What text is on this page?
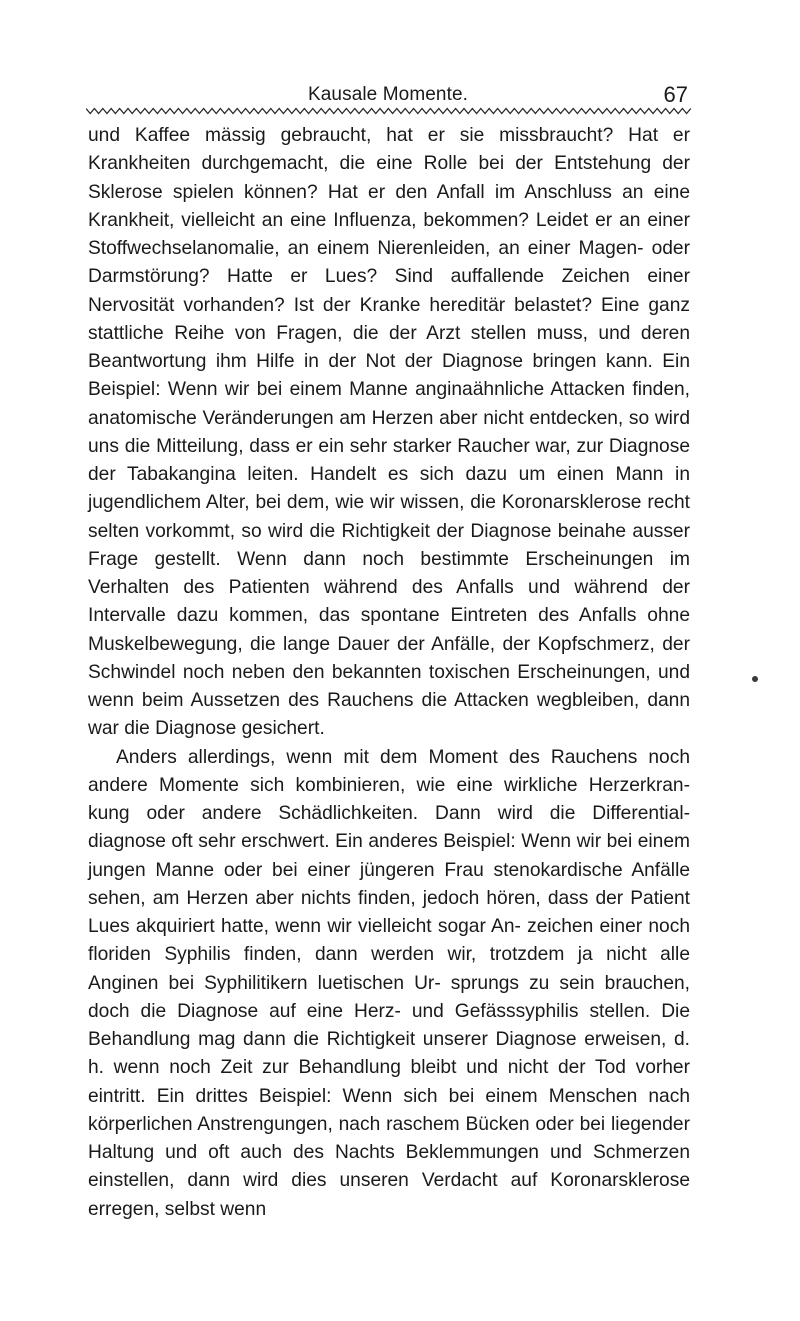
Kausale Momente.	67

und Kaffee mässig gebraucht, hat er sie missbraucht? Hat er Krankheiten durchgemacht, die eine Rolle bei der Entstehung der Sklerose spielen können? Hat er den Anfall im Anschluss an eine Krankheit, vielleicht an eine Influenza, bekommen? Leidet er an einer Stoffwechselanomalie, an einem Nierenleiden, an einer Magen- oder Darmstörung? Hatte er Lues? Sind auffallende Zeichen einer Nervosität vorhanden? Ist der Kranke hereditär belastet? Eine ganz stattliche Reihe von Fragen, die der Arzt stellen muss, und deren Beantwortung ihm Hilfe in der Not der Diagnose bringen kann. Ein Beispiel: Wenn wir bei einem Manne anginaähnliche Attacken finden, anatomische Veränderungen am Herzen aber nicht entdecken, so wird uns die Mitteilung, dass er ein sehr starker Raucher war, zur Diagnose der Tabakangina leiten. Handelt es sich dazu um einen Mann in jugendlichem Alter, bei dem, wie wir wissen, die Koronarsklerose recht selten vorkommt, so wird die Richtigkeit der Diagnose beinahe ausser Frage gestellt. Wenn dann noch bestimmte Erscheinungen im Verhalten des Patienten während des Anfalls und während der Intervalle dazu kommen, das spontane Eintreten des Anfalls ohne Muskelbewegung, die lange Dauer der Anfälle, der Kopfschmerz, der Schwindel noch neben den bekannten toxischen Erscheinungen, und wenn beim Aussetzen des Rauchens die Attacken wegbleiben, dann war die Diagnose gesichert.

Anders allerdings, wenn mit dem Moment des Rauchens noch andere Momente sich kombinieren, wie eine wirkliche Herzerkran- kung oder andere Schädlichkeiten. Dann wird die Differential- diagnose oft sehr erschwert. Ein anderes Beispiel: Wenn wir bei einem jungen Manne oder bei einer jüngeren Frau stenokardische Anfälle sehen, am Herzen aber nichts finden, jedoch hören, dass der Patient Lues akquiriert hatte, wenn wir vielleicht sogar An- zeichen einer noch floriden Syphilis finden, dann werden wir, trotzdem ja nicht alle Anginen bei Syphilitikern luetischen Ur- sprungs zu sein brauchen, doch die Diagnose auf eine Herz- und Gefässsyphilis stellen. Die Behandlung mag dann die Richtigkeit unserer Diagnose erweisen, d. h. wenn noch Zeit zur Behandlung bleibt und nicht der Tod vorher eintritt. Ein drittes Beispiel: Wenn sich bei einem Menschen nach körperlichen Anstrengungen, nach raschem Bücken oder bei liegender Haltung und oft auch des Nachts Beklemmungen und Schmerzen einstellen, dann wird dies unseren Verdacht auf Koronarsklerose erregen, selbst wenn
